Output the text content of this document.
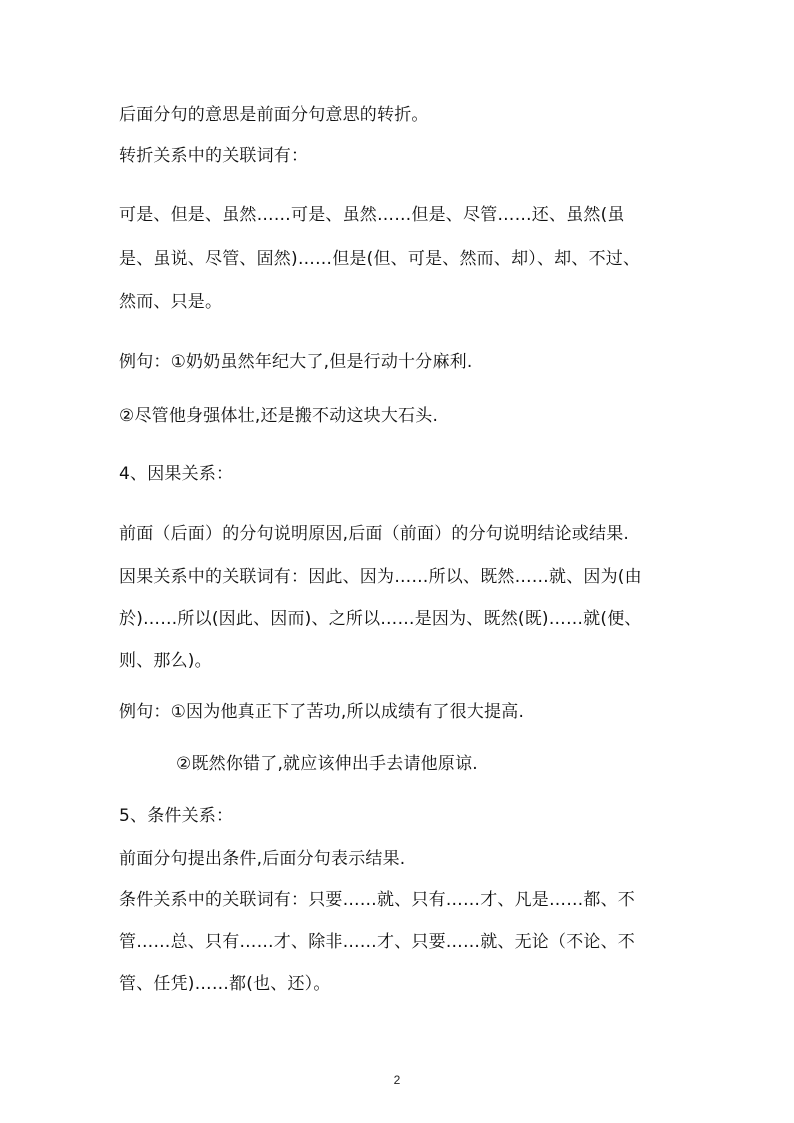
后面分句的意思是前面分句意思的转折。
转折关系中的关联词有：
可是、但是、虽然……可是、虽然……但是、尽管……还、虽然(虽
是、虽说、尽管、固然)……但是(但、可是、然而、却）、却、不过、
然而、只是。
例句：①奶奶虽然年纪大了,但是行动十分麻利.
②尽管他身强体壮,还是搬不动这块大石头.
4、因果关系：
前面（后面）的分句说明原因,后面（前面）的分句说明结论或结果.
因果关系中的关联词有：因此、因为……所以、既然……就、因为(由
於)……所以(因此、因而)、之所以……是因为、既然(既)……就(便、
则、那么)。
例句：①因为他真正下了苦功,所以成绩有了很大提高.
②既然你错了,就应该伸出手去请他原谅.
5、条件关系：
前面分句提出条件,后面分句表示结果.
条件关系中的关联词有：只要……就、只有……才、凡是……都、不
管……总、只有……才、除非……才、只要……就、无论（不论、不
管、任凭)……都(也、还）。
2
